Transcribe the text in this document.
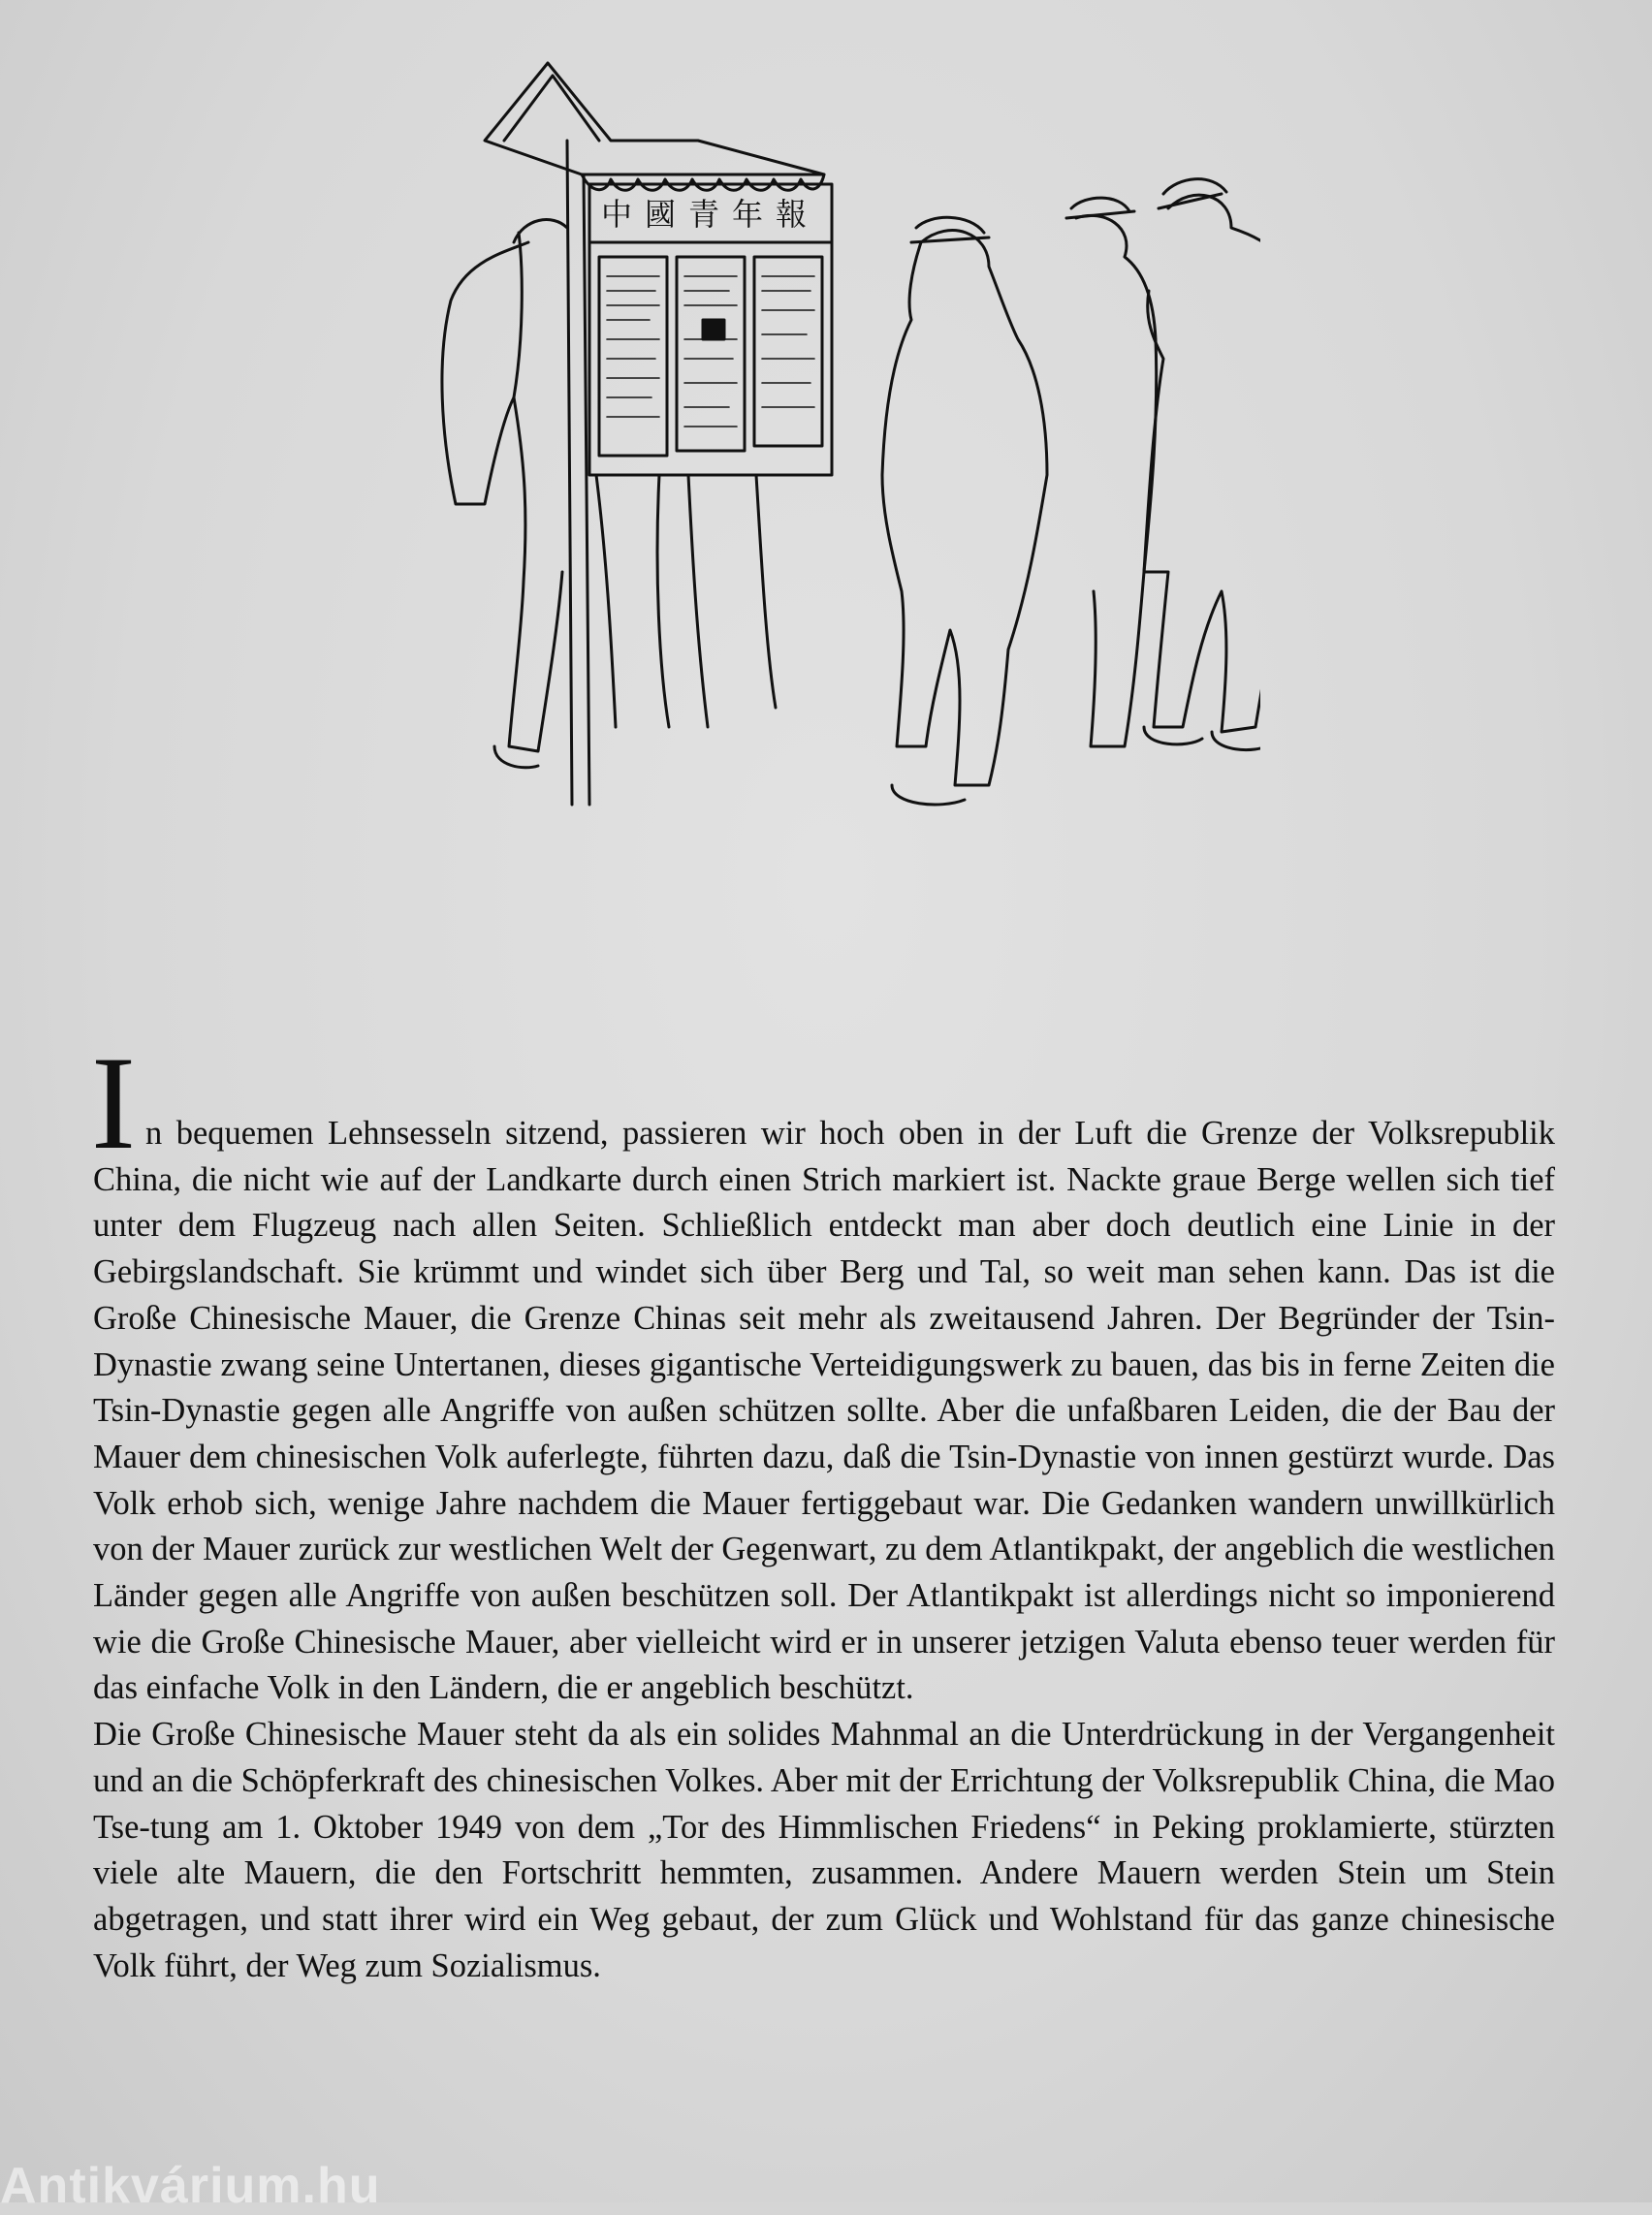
中 國 青 年 報

I n bequemen Lehnsesseln sitzend, passieren wir hoch oben in der Luft die Grenze der Volksrepublik China, die nicht wie auf der Landkarte durch einen Strich markiert ist. Nackte graue Berge wellen sich tief unter dem Flugzeug nach allen Seiten. Schließlich entdeckt man aber doch deutlich eine Linie in der Gebirgslandschaft. Sie krümmt und windet sich über Berg und Tal, so weit man sehen kann. Das ist die Große Chinesische Mauer, die Grenze Chinas seit mehr als zweitausend Jahren. Der Begründer der Tsin-Dynastie zwang seine Untertanen, dieses gigantische Verteidigungswerk zu bauen, das bis in ferne Zeiten die Tsin-Dynastie gegen alle Angriffe von außen schützen sollte. Aber die unfaßbaren Leiden, die der Bau der Mauer dem chinesischen Volk auferlegte, führten dazu, daß die Tsin-Dynastie von innen gestürzt wurde. Das Volk erhob sich, wenige Jahre nachdem die Mauer fertiggebaut war. Die Gedanken wandern unwillkürlich von der Mauer zurück zur westlichen Welt der Gegenwart, zu dem Atlantikpakt, der angeblich die westlichen Länder gegen alle Angriffe von außen beschützen soll. Der Atlantikpakt ist allerdings nicht so imponierend wie die Große Chinesische Mauer, aber vielleicht wird er in unserer jetzigen Valuta ebenso teuer werden für das einfache Volk in den Ländern, die er angeblich beschützt.

Die Große Chinesische Mauer steht da als ein solides Mahnmal an die Unterdrückung in der Vergangenheit und an die Schöpferkraft des chinesischen Volkes. Aber mit der Errichtung der Volksrepublik China, die Mao Tse-tung am 1. Oktober 1949 von dem „Tor des Himmlischen Friedens“ in Peking proklamierte, stürzten viele alte Mauern, die den Fortschritt hemmten, zusammen. Andere Mauern werden Stein um Stein abgetragen, und statt ihrer wird ein Weg gebaut, der zum Glück und Wohlstand für das ganze chinesische Volk führt, der Weg zum Sozialismus.

Antikvárium.hu
